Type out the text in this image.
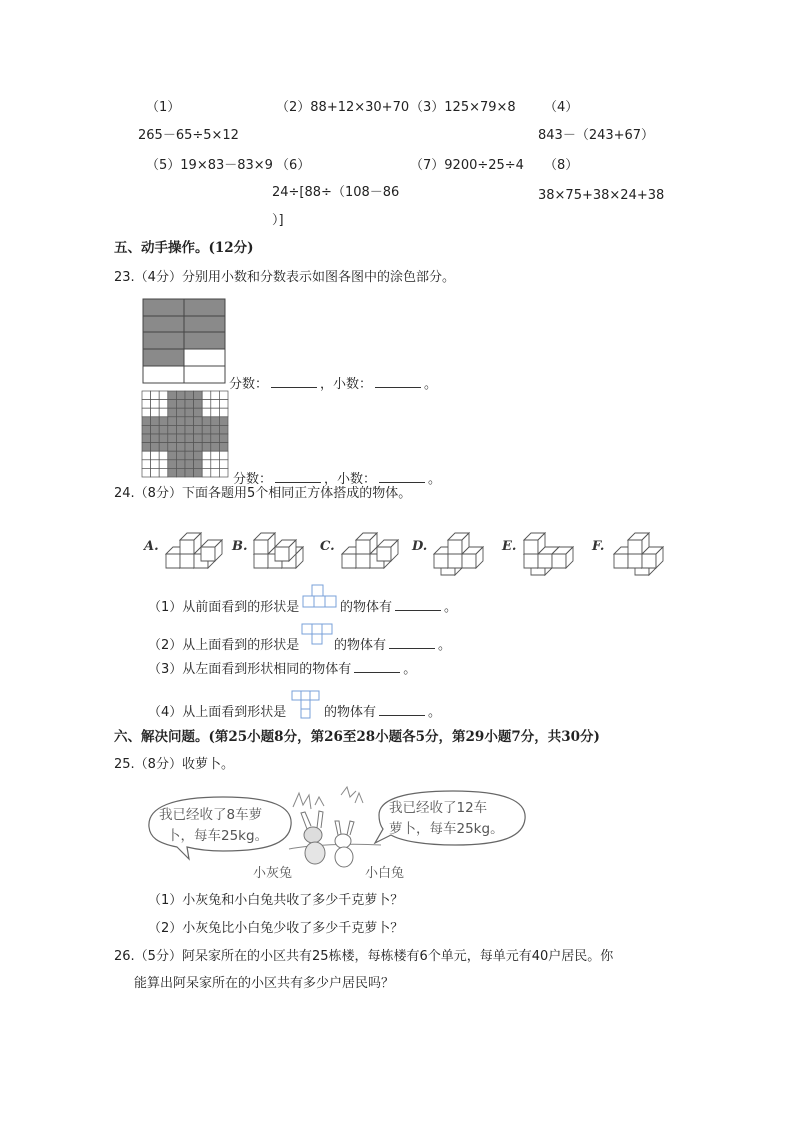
（1）	（2）88+12×30+70 （3）125×79×8 （4）
265－65÷5×12	843－（243+67）
（5）19×83－83×9 （6）	（7）9200÷25÷4 （8）
24÷[88÷（108－86	38×75+38×24+38
）]
五、动手操作。(12分)
23.（4分）分别用小数和分数表示如图各图中的涂色部分。
分数：	，小数：	。
分数：	，小数：	。
24.（8分）下面各题用5个相同正方体搭成的物体。
A.	B.	C.	D.	E.	F.
（1）从前面看到的形状是	的物体有	。
（2）从上面看到的形状是	的物体有	。
（3）从左面看到形状相同的物体有	。
（4）从上面看到形状是	的物体有	。
六、解决问题。(第25小题8分，第26至28小题各5分，第29小题7分，共30分)
25.（8分）收萝卜。
我已经收了8车萝
卜，每车25kg。
我已经收了12车
萝卜，每车25kg。
小灰兔	小白兔
（1）小灰兔和小白兔共收了多少千克萝卜？
（2）小灰兔比小白兔少收了多少千克萝卜？
26.（5分）阿呆家所在的小区共有25栋楼，每栋楼有6个单元，每单元有40户居民。你
能算出阿呆家所在的小区共有多少户居民吗？
